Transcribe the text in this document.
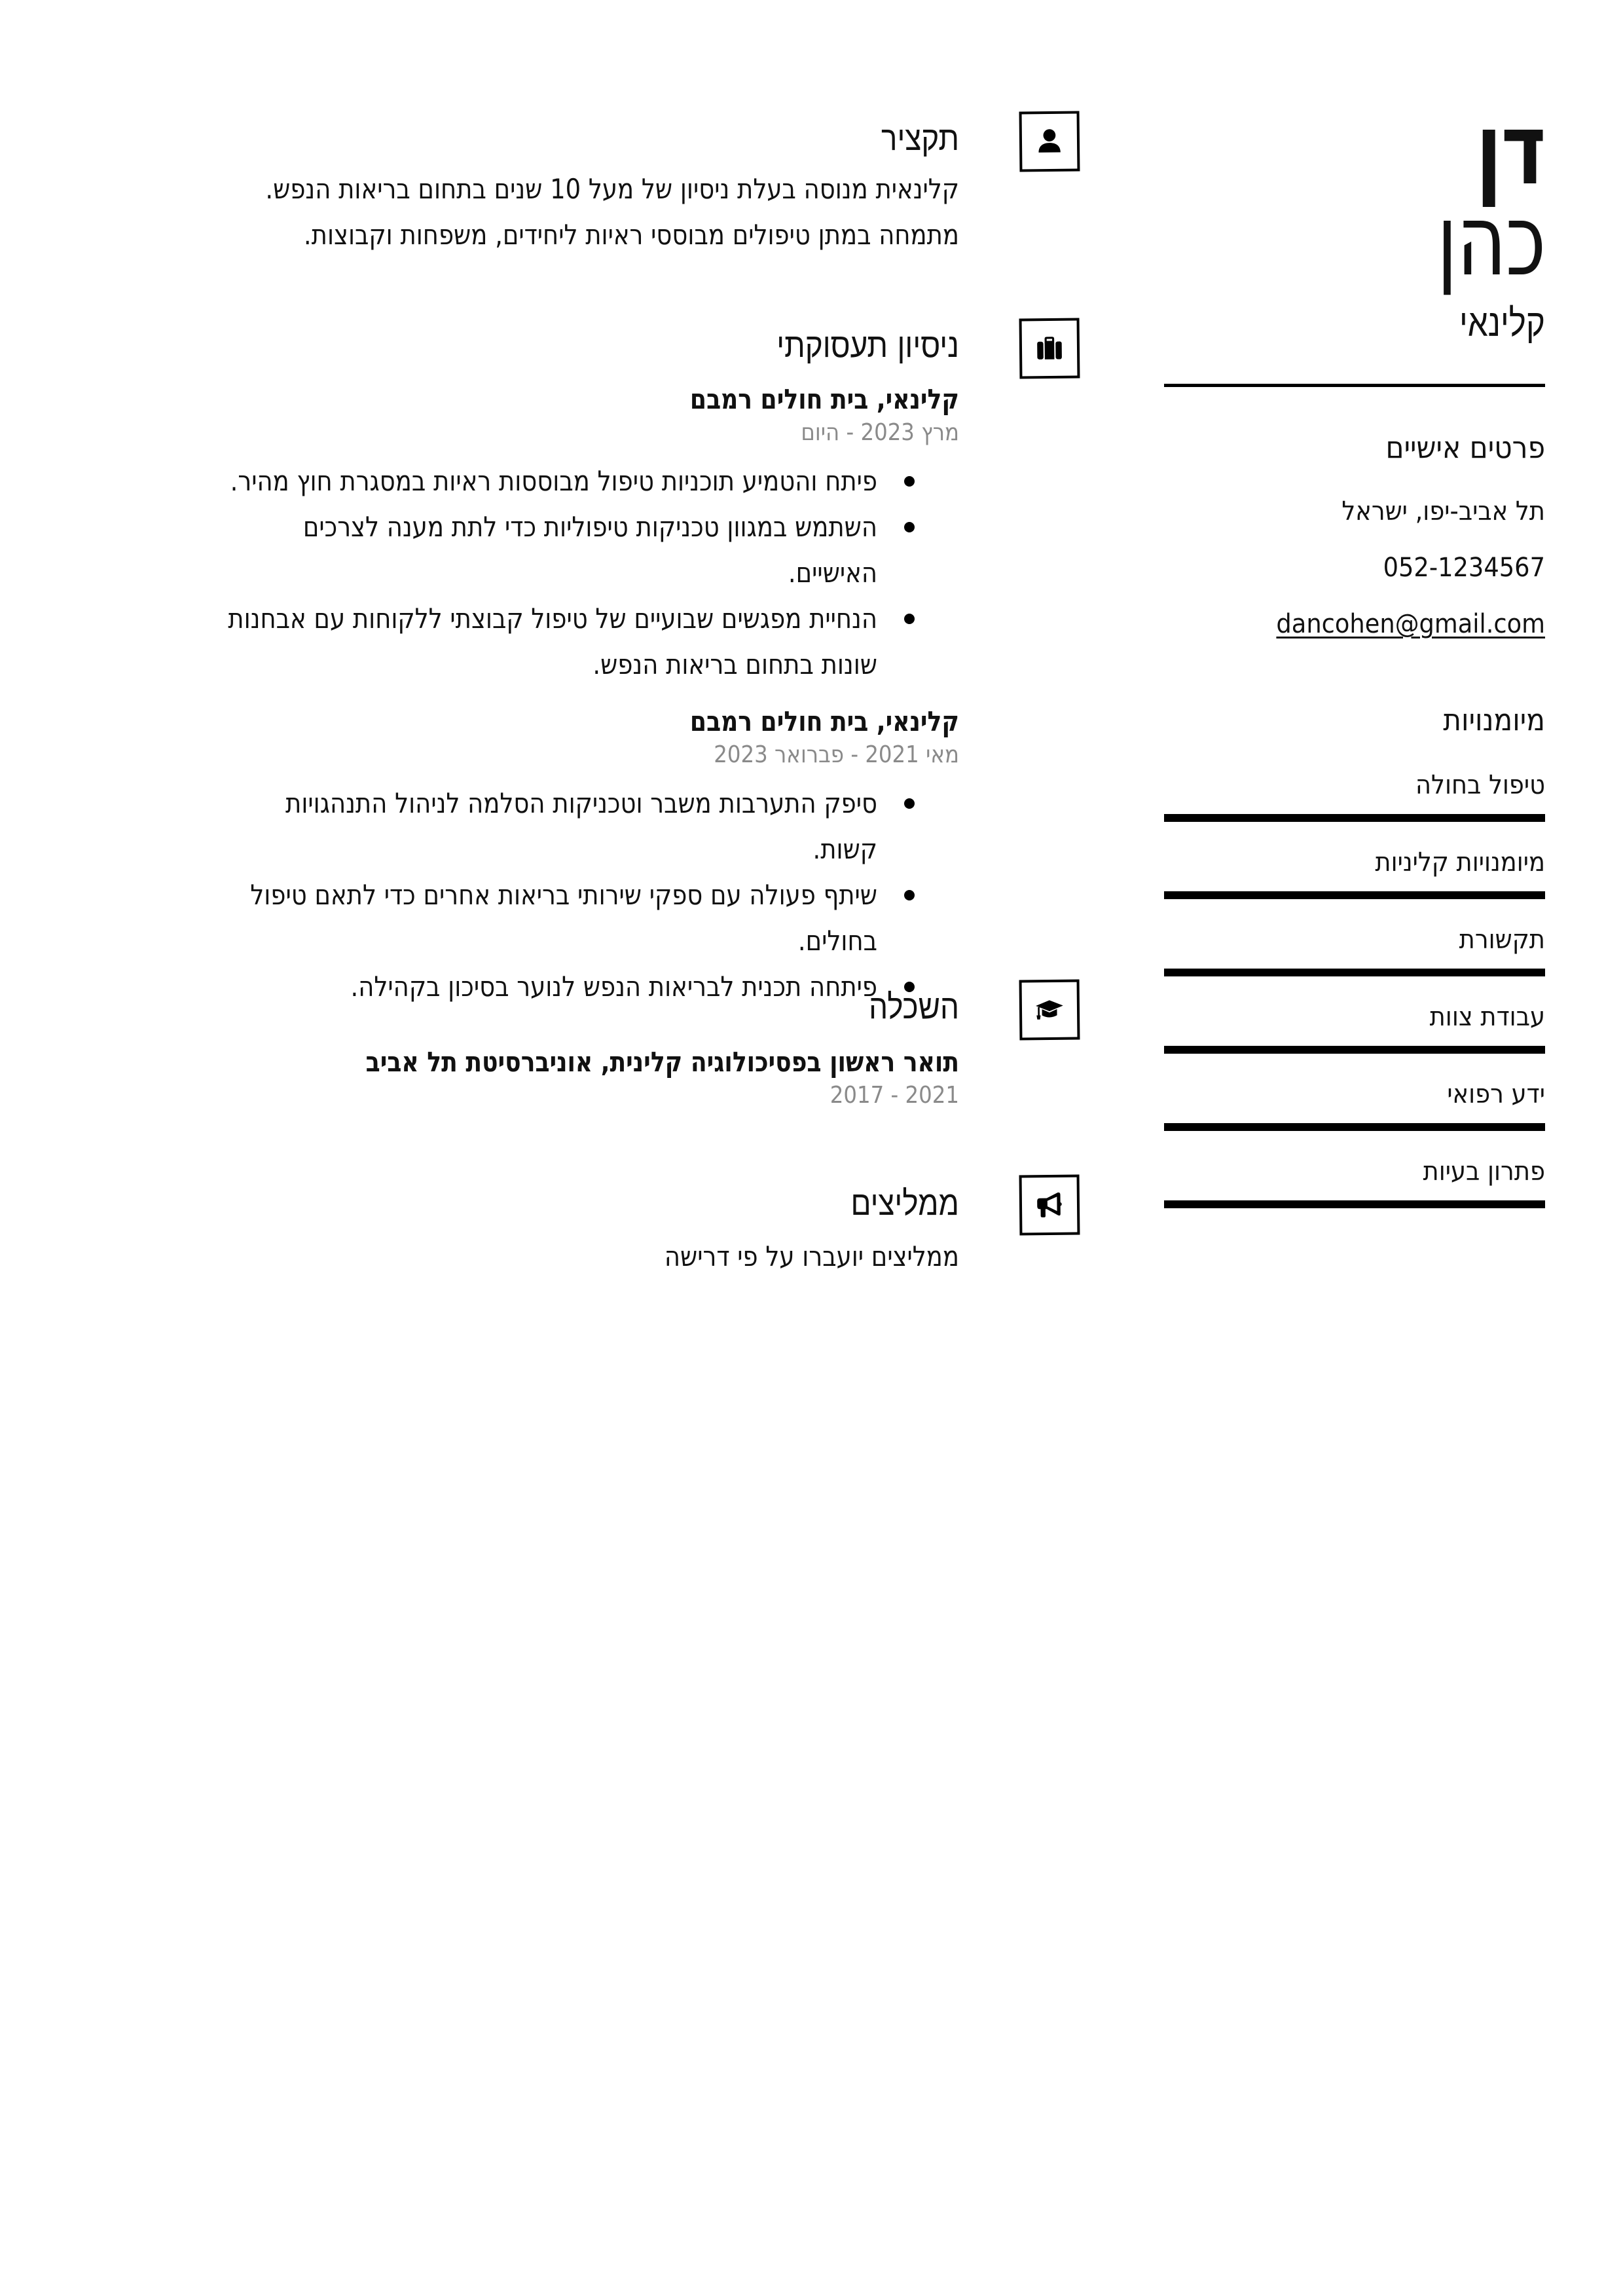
דן
כהן
קלינאי
פרטים אישיים
תל אביב-יפו, ישראל
052-1234567
dancohen@gmail.com
מיומנויות
טיפול בחולה
מיומנויות קליניות
תקשורת
עבודת צוות
ידע רפואי
פתרון בעיות
תקציר
קלינאית מנוסה בעלת ניסיון של מעל 10 שנים בתחום בריאות הנפש.
מתמחה במתן טיפולים מבוססי ראיות ליחידים, משפחות וקבוצות.
ניסיון תעסוקתי
קלינאי, בית חולים רמבם
מרץ 2023 - היום
פיתח והטמיע תוכניות טיפול מבוססות ראיות במסגרת חוץ מהיר.
השתמש במגוון טכניקות טיפוליות כדי לתת מענה לצרכים האישיים.
הנחיית מפגשים שבועיים של טיפול קבוצתי ללקוחות עם אבחנות שונות בתחום בריאות הנפש.
קלינאי, בית חולים רמבם
מאי 2021 - פברואר 2023
סיפק התערבות משבר וטכניקות הסלמה לניהול התנהגויות קשות.
שיתף פעולה עם ספקי שירותי בריאות אחרים כדי לתאם טיפול בחולים.
פיתחה תכנית לבריאות הנפש לנוער בסיכון בקהילה.
השכלה
תואר ראשון בפסיכולוגיה קלינית, אוניברסיטת תל אביב
2021 - 2017
ממליצים
ממליצים יועברו על פי דרישה
